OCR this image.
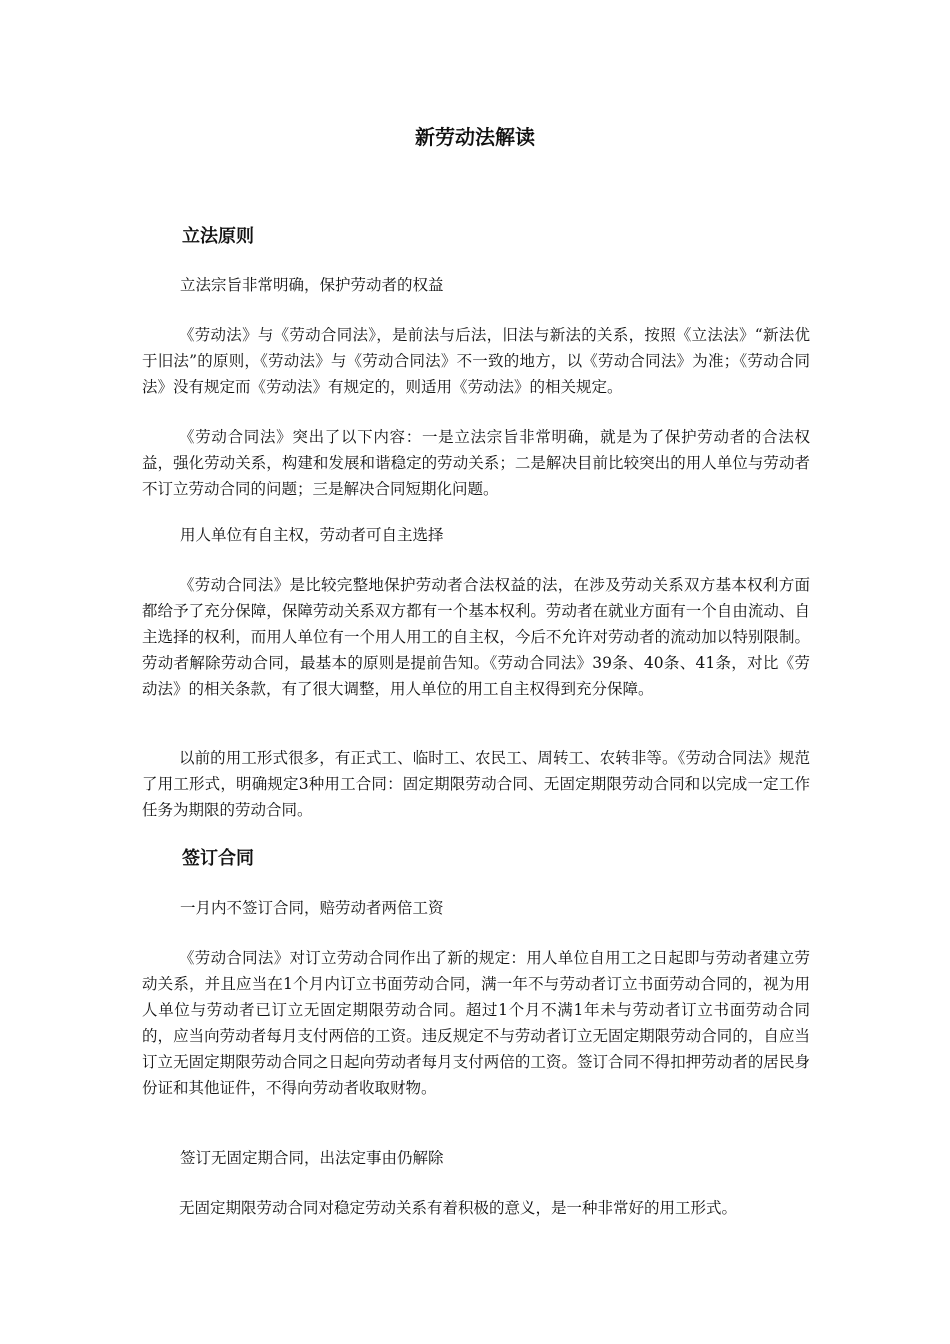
新劳动法解读
立法原则

立法宗旨非常明确，保护劳动者的权益

《劳动法》与《劳动合同法》，是前法与后法，旧法与新法的关系，按照《立法法》“新法优于旧法”的原则，《劳动法》与《劳动合同法》不一致的地方，以《劳动合同法》为准；《劳动合同法》没有规定而《劳动法》有规定的，则适用《劳动法》的相关规定。

《劳动合同法》突出了以下内容：一是立法宗旨非常明确，就是为了保护劳动者的合法权益，强化劳动关系，构建和发展和谐稳定的劳动关系；二是解决目前比较突出的用人单位与劳动者不订立劳动合同的问题；三是解决合同短期化问题。

用人单位有自主权，劳动者可自主选择

《劳动合同法》是比较完整地保护劳动者合法权益的法，在涉及劳动关系双方基本权利方面都给予了充分保障，保障劳动关系双方都有一个基本权利。劳动者在就业方面有一个自由流动、自主选择的权利，而用人单位有一个用人用工的自主权，今后不允许对劳动者的流动加以特别限制。劳动者解除劳动合同，最基本的原则是提前告知。《劳动合同法》39条、40条、41条，对比《劳动法》的相关条款，有了很大调整，用人单位的用工自主权得到充分保障。

以前的用工形式很多，有正式工、临时工、农民工、周转工、农转非等。《劳动合同法》规范了用工形式，明确规定3种用工合同：固定期限劳动合同、无固定期限劳动合同和以完成一定工作任务为期限的劳动合同。

签订合同

一月内不签订合同，赔劳动者两倍工资

《劳动合同法》对订立劳动合同作出了新的规定：用人单位自用工之日起即与劳动者建立劳动关系，并且应当在1个月内订立书面劳动合同，满一年不与劳动者订立书面劳动合同的，视为用人单位与劳动者已订立无固定期限劳动合同。超过1个月不满1年未与劳动者订立书面劳动合同的，应当向劳动者每月支付两倍的工资。违反规定不与劳动者订立无固定期限劳动合同的，自应当订立无固定期限劳动合同之日起向劳动者每月支付两倍的工资。签订合同不得扣押劳动者的居民身份证和其他证件，不得向劳动者收取财物。

签订无固定期合同，出法定事由仍解除

无固定期限劳动合同对稳定劳动关系有着积极的意义，是一种非常好的用工形式。
